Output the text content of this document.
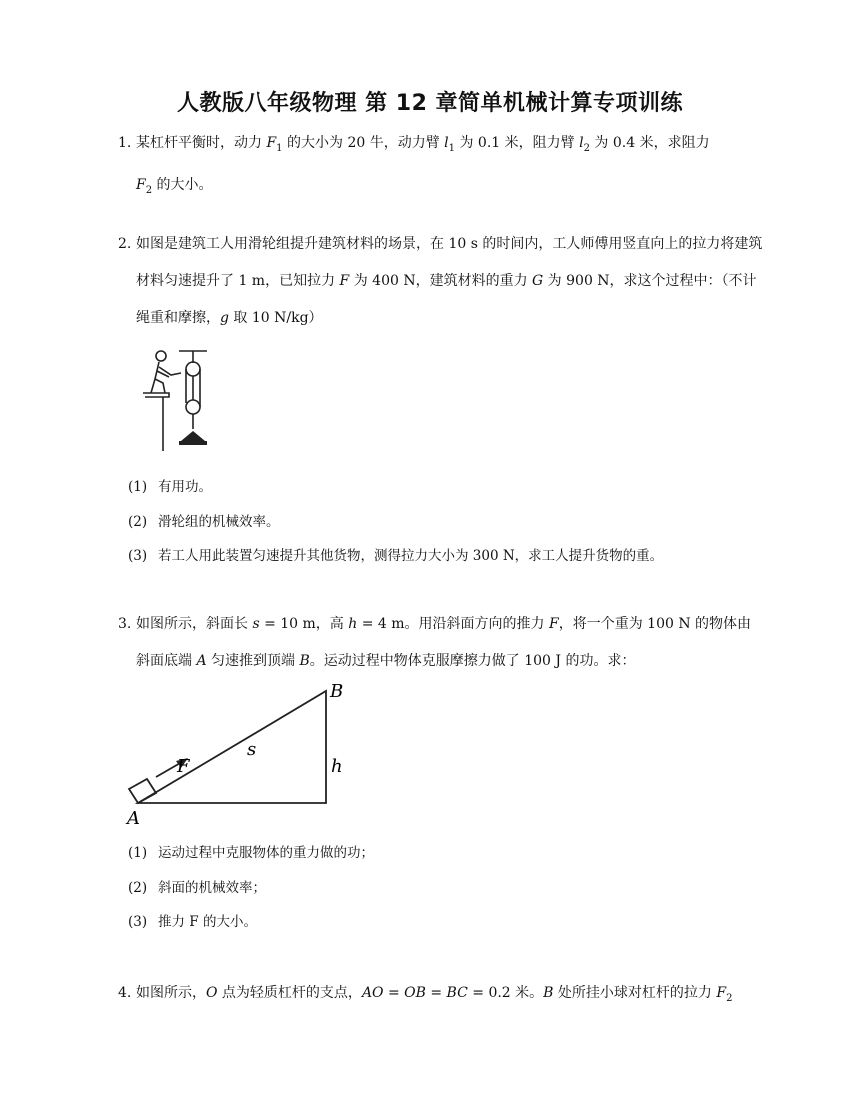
人教版八年级物理 第 12 章简单机械计算专项训练
1. 某杠杆平衡时，动力 $F_1$ 的大小为 20 牛，动力臂 $l_1$ 为 0.1 米，阻力臂 $l_2$ 为 0.4 米，求阻力
$F_2$ 的大小。
2. 如图是建筑工人用滑轮组提升建筑材料的场景，在 10 s 的时间内，工人师傅用竖直向上的拉力将建筑材料匀速提升了 1 m，已知拉力 F 为 400 N，建筑材料的重力 G 为 900 N，求这个过程中：（不计绳重和摩擦，g 取 10 N/kg）
(1) 有用功。
(2) 滑轮组的机械效率。
(3) 若工人用此装置匀速提升其他货物，测得拉力大小为 300 N，求工人提升货物的重。
3. 如图所示，斜面长 s = 10 m，高 h = 4 m。用沿斜面方向的推力 F，将一个重为 100 N 的物体由斜面底端 A 匀速推到顶端 B。运动过程中物体克服摩擦力做了 100 J 的功。求：
B
s
h
F
A
(1) 运动过程中克服物体的重力做的功；
(2) 斜面的机械效率；
(3) 推力 F 的大小。
4. 如图所示，O 点为轻质杠杆的支点，AO = OB = BC = 0.2 米。B 处所挂小球对杠杆的拉力 $F_2$
